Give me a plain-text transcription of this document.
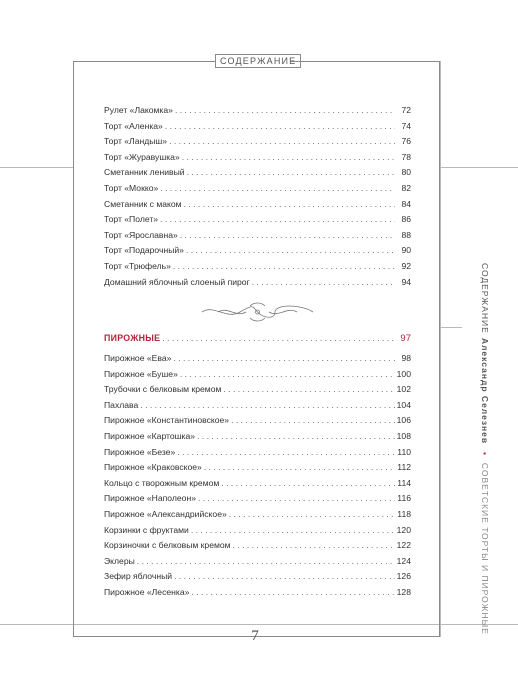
СОДЕРЖАНИЕ
СОДЕРЖАНИЕ
Александр Селезнев • СОВЕТСКИЕ ТОРТЫ И ПИРОЖНЫЕ
Рулет «Лакомка» . . .	72
Торт «Аленка» . . .	74
Торт «Ландыш» . . .	76
Торт «Журавушка» . . .	78
Сметанник ленивый . . .	80
Торт «Мокко» . . .	82
Сметанник с маком . . .	84
Торт «Полет» . . .	86
Торт «Ярославна» . . .	88
Торт «Подарочный» . . .	90
Торт «Трюфель» . . .	92
Домашний яблочный слоеный пирог . . .	94
ПИРОЖНЫЕ . . .	97
Пирожное «Ева» . . .	98
Пирожное «Буше» . . .	100
Трубочки с белковым кремом . . .	102
Пахлава . . .	104
Пирожное «Константиновское» . . .	106
Пирожное «Картошка» . . .	108
Пирожное «Безе» . . .	110
Пирожное «Краковское» . . .	112
Кольцо с творожным кремом . . .	114
Пирожное «Наполеон» . . .	116
Пирожное «Александрийское» . . .	118
Корзинки с фруктами . . .	120
Корзиночки с белковым кремом . . .	122
Эклеры . . .	124
Зефир яблочный . . .	126
Пирожное «Лесенка» . . .	128
7
